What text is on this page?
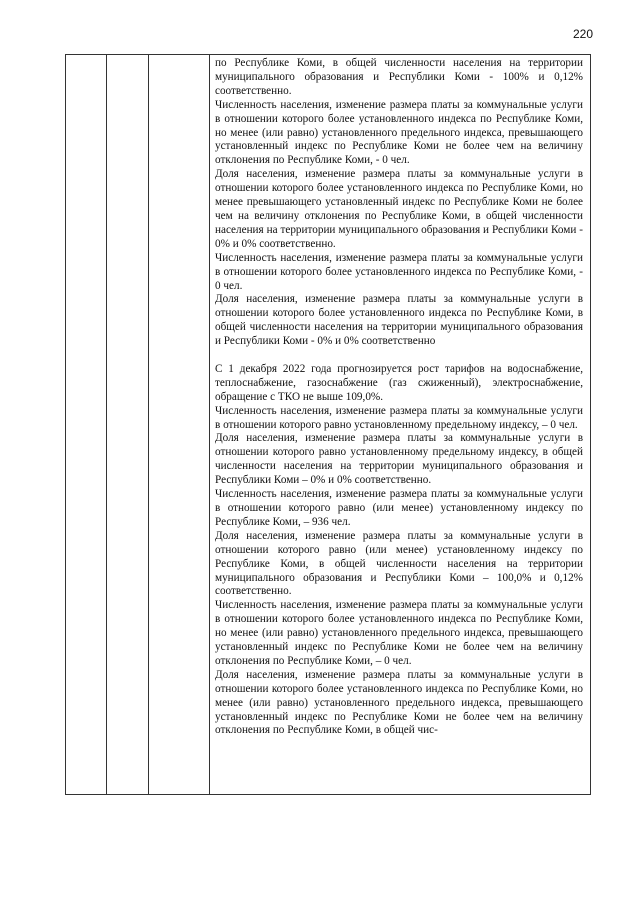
220

по Республике Коми, в общей численности населения на территории муниципального образования и Республики Коми - 100% и 0,12% соответственно.

Численность населения, изменение размера платы за коммунальные услуги в отношении которого более установленного индекса по Республике Коми, но менее (или равно) установленного предельного индекса, превышающего установленный индекс по Республике Коми не более чем на величину отклонения по Республике Коми, - 0 чел.

Доля населения, изменение размера платы за коммунальные услуги в отношении которого более установленного индекса по Республике Коми, но менее превышающего установленный индекс по Республике Коми не более чем на величину отклонения по Республике Коми, в общей численности населения на территории муниципального образования и Республики Коми - 0% и 0% соответственно.

Численность населения, изменение размера платы за коммунальные услуги в отношении которого более установленного индекса по Республике Коми, - 0 чел.

Доля населения, изменение размера платы за коммунальные услуги в отношении которого более установленного индекса по Республике Коми, в общей численности населения на территории муниципального образования и Республики Коми - 0% и 0% соответственно

С 1 декабря 2022 года прогнозируется рост тарифов на водоснабжение, теплоснабжение, газоснабжение (газ сжиженный), электроснабжение, обращение с ТКО не выше 109,0%.

Численность населения, изменение размера платы за коммунальные услуги в отношении которого равно установленному предельному индексу, – 0 чел.

Доля населения, изменение размера платы за коммунальные услуги в отношении которого равно установленному предельному индексу, в общей численности населения на территории муниципального образования и Республики Коми – 0% и 0% соответственно.

Численность населения, изменение размера платы за коммунальные услуги в отношении которого равно (или менее) установленному индексу по Республике Коми, – 936 чел.

Доля населения, изменение размера платы за коммунальные услуги в отношении которого равно (или менее) установленному индексу по Республике Коми, в общей численности населения на территории муниципального образования и Республики Коми – 100,0% и 0,12% соответственно.

Численность населения, изменение размера платы за коммунальные услуги в отношении которого более установленного индекса по Республике Коми, но менее (или равно) установленного предельного индекса, превышающего установленный индекс по Республике Коми не более чем на величину отклонения по Республике Коми, – 0 чел.

Доля населения, изменение размера платы за коммунальные услуги в отношении которого более установленного индекса по Республике Коми, но менее (или равно) установленного предельного индекса, превышающего установленный индекс по Республике Коми не более чем на величину отклонения по Республике Коми, в общей чис-
